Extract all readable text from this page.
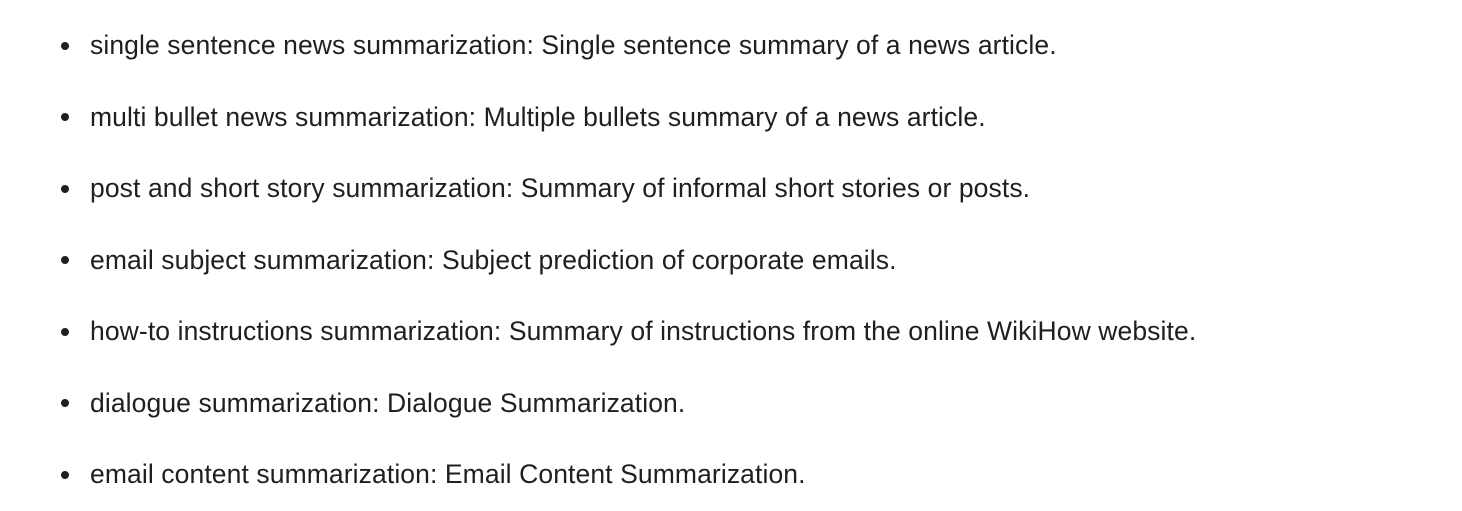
single sentence news summarization: Single sentence summary of a news article.
multi bullet news summarization: Multiple bullets summary of a news article.
post and short story summarization: Summary of informal short stories or posts.
email subject summarization: Subject prediction of corporate emails.
how-to instructions summarization: Summary of instructions from the online WikiHow website.
dialogue summarization: Dialogue Summarization.
email content summarization: Email Content Summarization.
